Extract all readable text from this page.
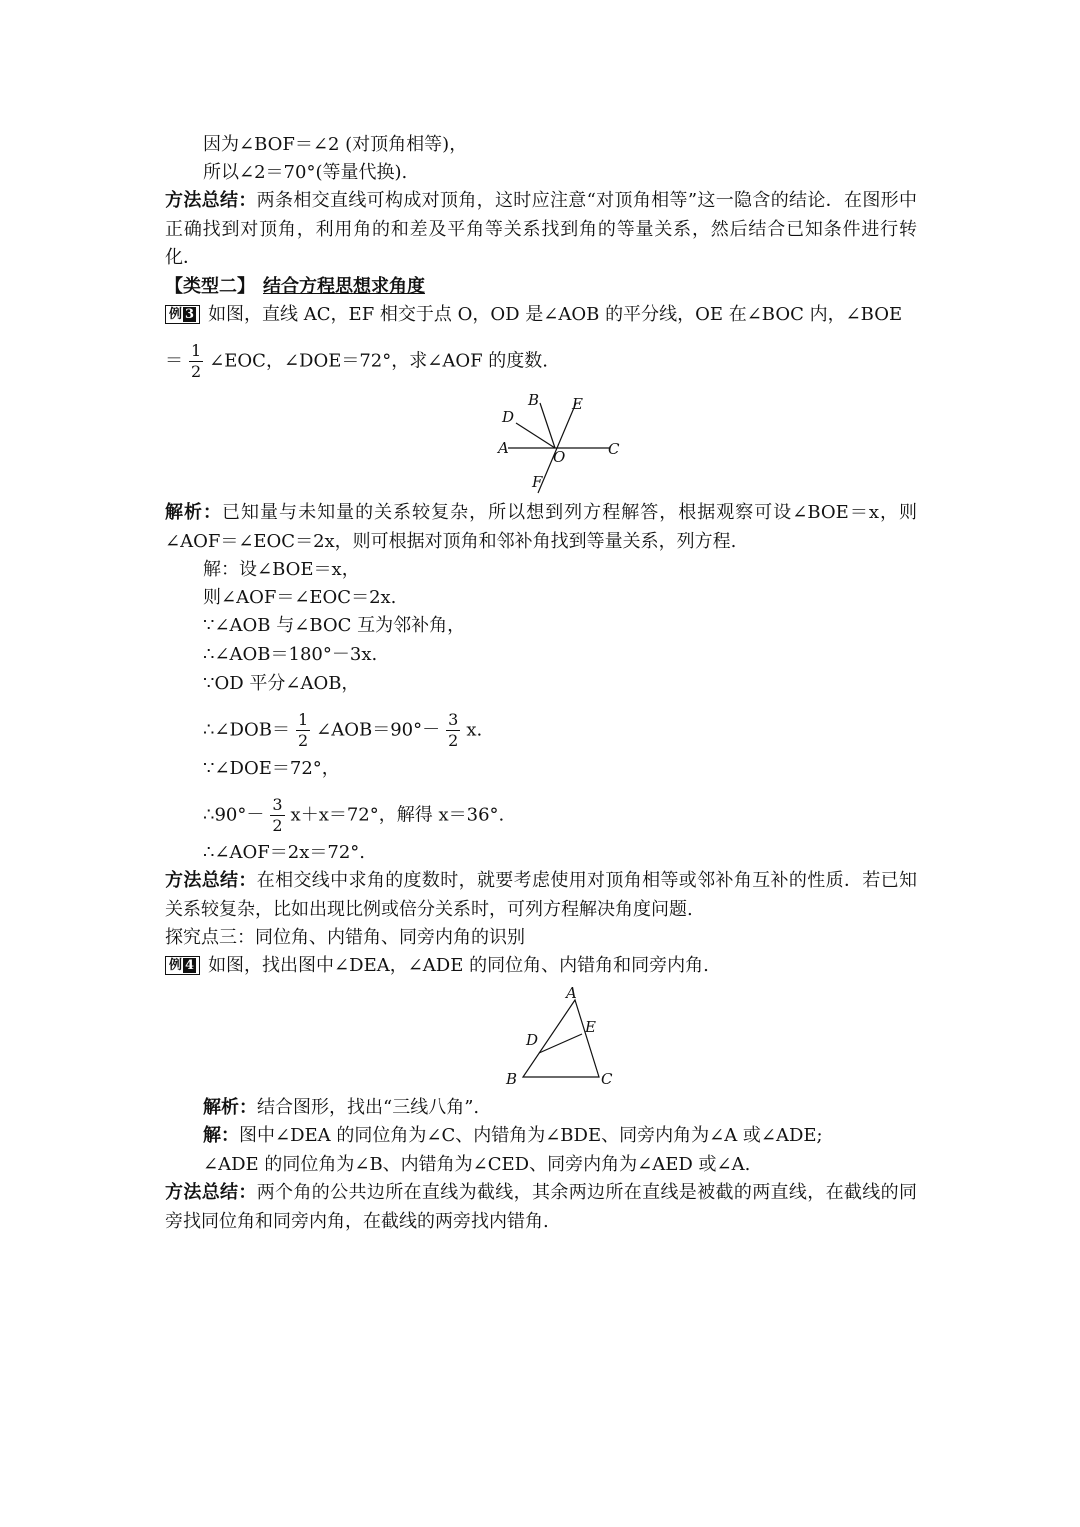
因为∠BOF＝∠2 (对顶角相等)，
所以∠2＝70°(等量代换).
方法总结：两条相交直线可构成对顶角，这时应注意“对顶角相等”这一隐含的结论．在图形中正确找到对顶角，利用角的和差及平角等关系找到角的等量关系，然后结合已知条件进行转化．
【类型二】 结合方程思想求角度
例 3 如图，直线 AC，EF 相交于点 O，OD 是∠AOB 的平分线，OE 在∠BOC 内，∠BOE
＝ $\frac{1}{2}$ ∠EOC，∠DOE＝72°，求∠AOF 的度数.
A
B
C
D
E
F
O
解析：已知量与未知量的关系较复杂，所以想到列方程解答，根据观察可设∠BOE＝x，则∠AOF＝∠EOC＝2x，则可根据对顶角和邻补角找到等量关系，列方程.
解：设∠BOE＝x，
则∠AOF＝∠EOC＝2x.
∵∠AOB 与∠BOC 互为邻补角，
∴∠AOB＝180°－3x.
∵OD 平分∠AOB，
∴∠DOB＝ $\frac{1}{2}$ ∠AOB＝90°－ $\frac{3}{2} x$.
∵∠DOE＝72°，
∴90°－ $\frac{3}{2} x+x=72^\circ$，解得 x＝36°.
∴∠AOF＝2x＝72°.
方法总结：在相交线中求角的度数时，就要考虑使用对顶角相等或邻补角互补的性质．若已知关系较复杂，比如出现比例或倍分关系时，可列方程解决角度问题.
探究点三：同位角、内错角、同旁内角的识别
例 4 如图，找出图中∠DEA，∠ADE 的同位角、内错角和同旁内角.
A
B	C
D
E
解析：结合图形，找出“三线八角”.
解：图中∠DEA 的同位角为∠C、内错角为∠BDE、同旁内角为∠A 或∠ADE;
∠ADE 的同位角为∠B、内错角为∠CED、同旁内角为∠AED 或∠A.
方法总结：两个角的公共边所在直线为截线，其余两边所在直线是被截的两直线，在截线的同旁找同位角和同旁内角，在截线的两旁找内错角.
